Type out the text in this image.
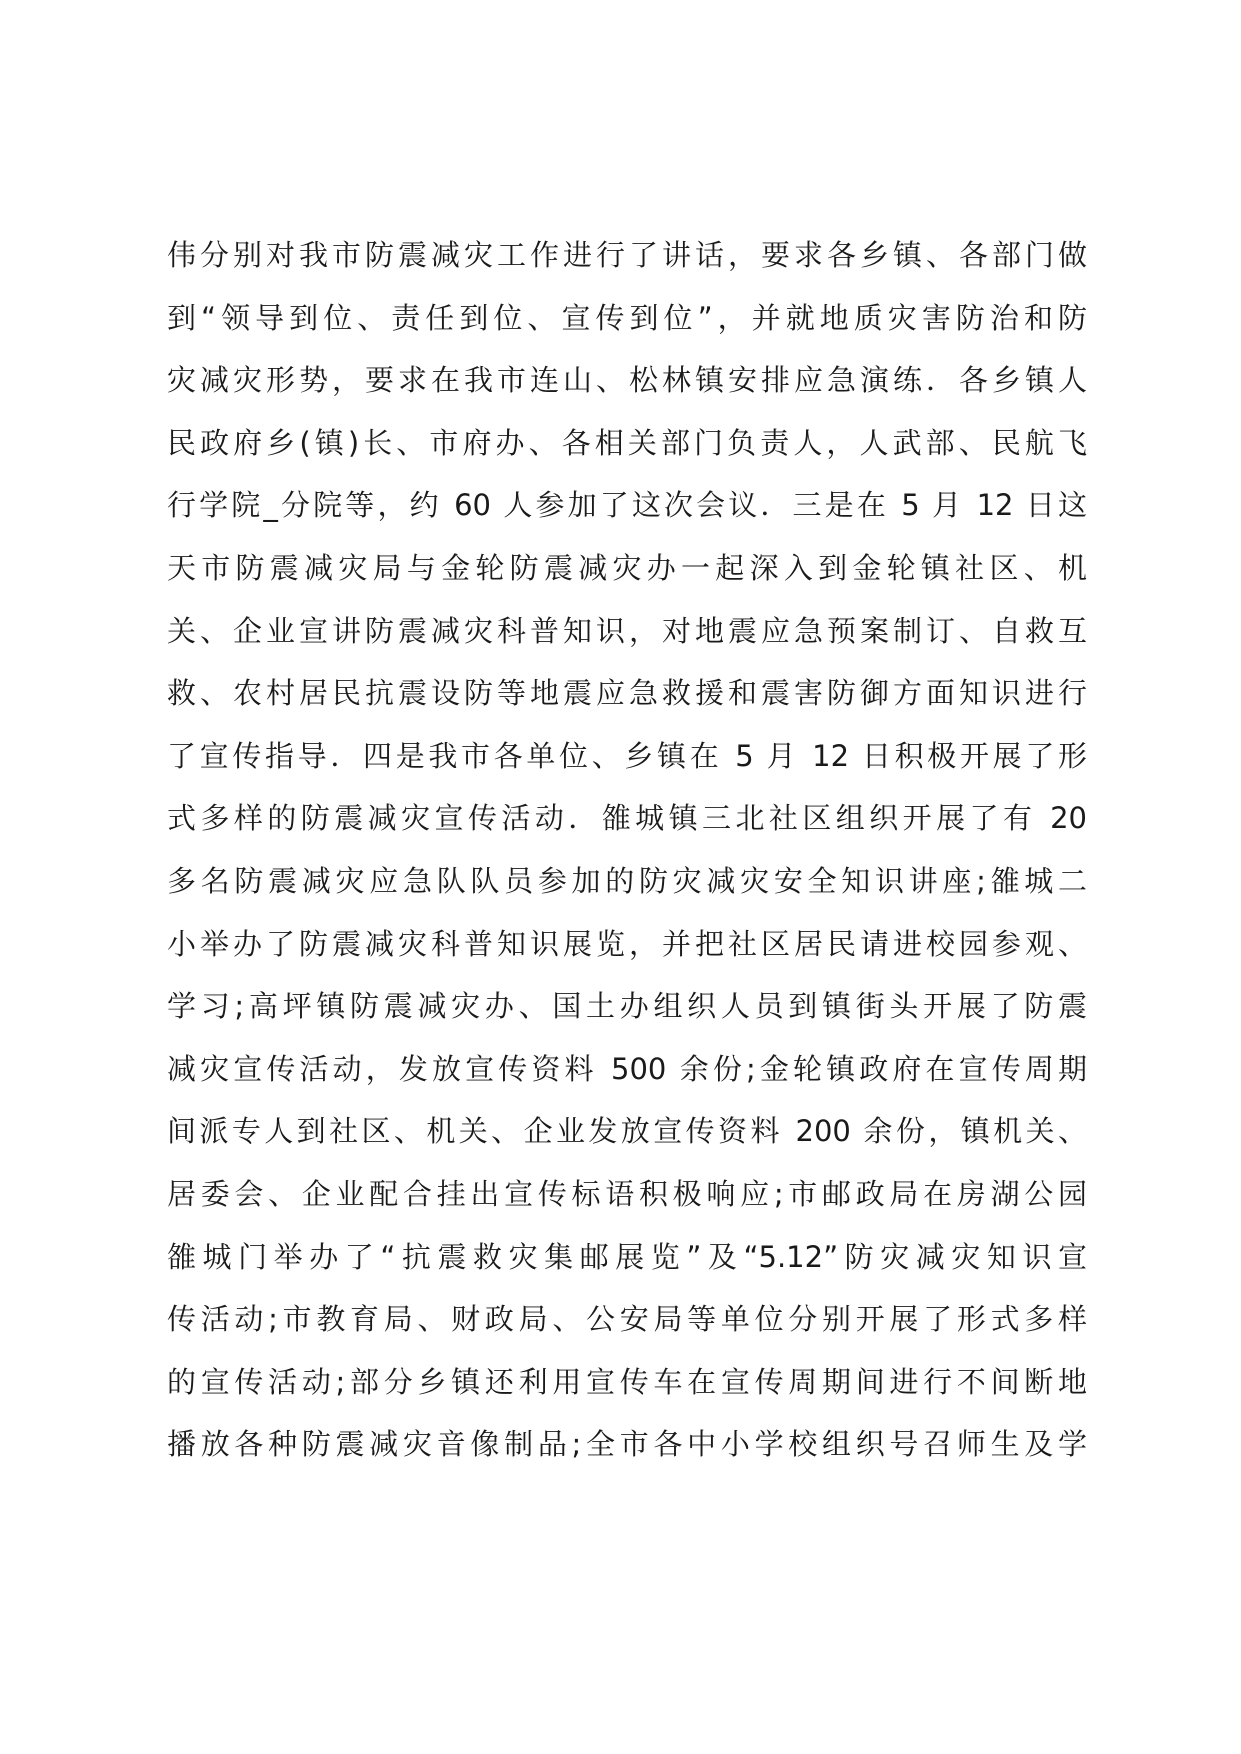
伟分别对我市防震减灾工作进行了讲话，要求各乡镇、各部门做
到“领导到位、责任到位、宣传到位”，并就地质灾害防治和防
灾减灾形势，要求在我市连山、松林镇安排应急演练．各乡镇人
民政府乡(镇)长、市府办、各相关部门负责人，人武部、民航飞
行学院_分院等，约 60 人参加了这次会议．三是在 5 月 12 日这
天市防震减灾局与金轮防震减灾办一起深入到金轮镇社区、机
关、企业宣讲防震减灾科普知识，对地震应急预案制订、自救互
救、农村居民抗震设防等地震应急救援和震害防御方面知识进行
了宣传指导．四是我市各单位、乡镇在 5 月 12 日积极开展了形
式多样的防震减灾宣传活动．雒城镇三北社区组织开展了有 20
多名防震减灾应急队队员参加的防灾减灾安全知识讲座;雒城二
小举办了防震减灾科普知识展览，并把社区居民请进校园参观、
学习;高坪镇防震减灾办、国土办组织人员到镇街头开展了防震
减灾宣传活动，发放宣传资料 500 余份;金轮镇政府在宣传周期
间派专人到社区、机关、企业发放宣传资料 200 余份，镇机关、
居委会、企业配合挂出宣传标语积极响应;市邮政局在房湖公园
雒城门举办了“抗震救灾集邮展览”及“5.12”防灾减灾知识宣
传活动;市教育局、财政局、公安局等单位分别开展了形式多样
的宣传活动;部分乡镇还利用宣传车在宣传周期间进行不间断地
播放各种防震减灾音像制品;全市各中小学校组织号召师生及学
